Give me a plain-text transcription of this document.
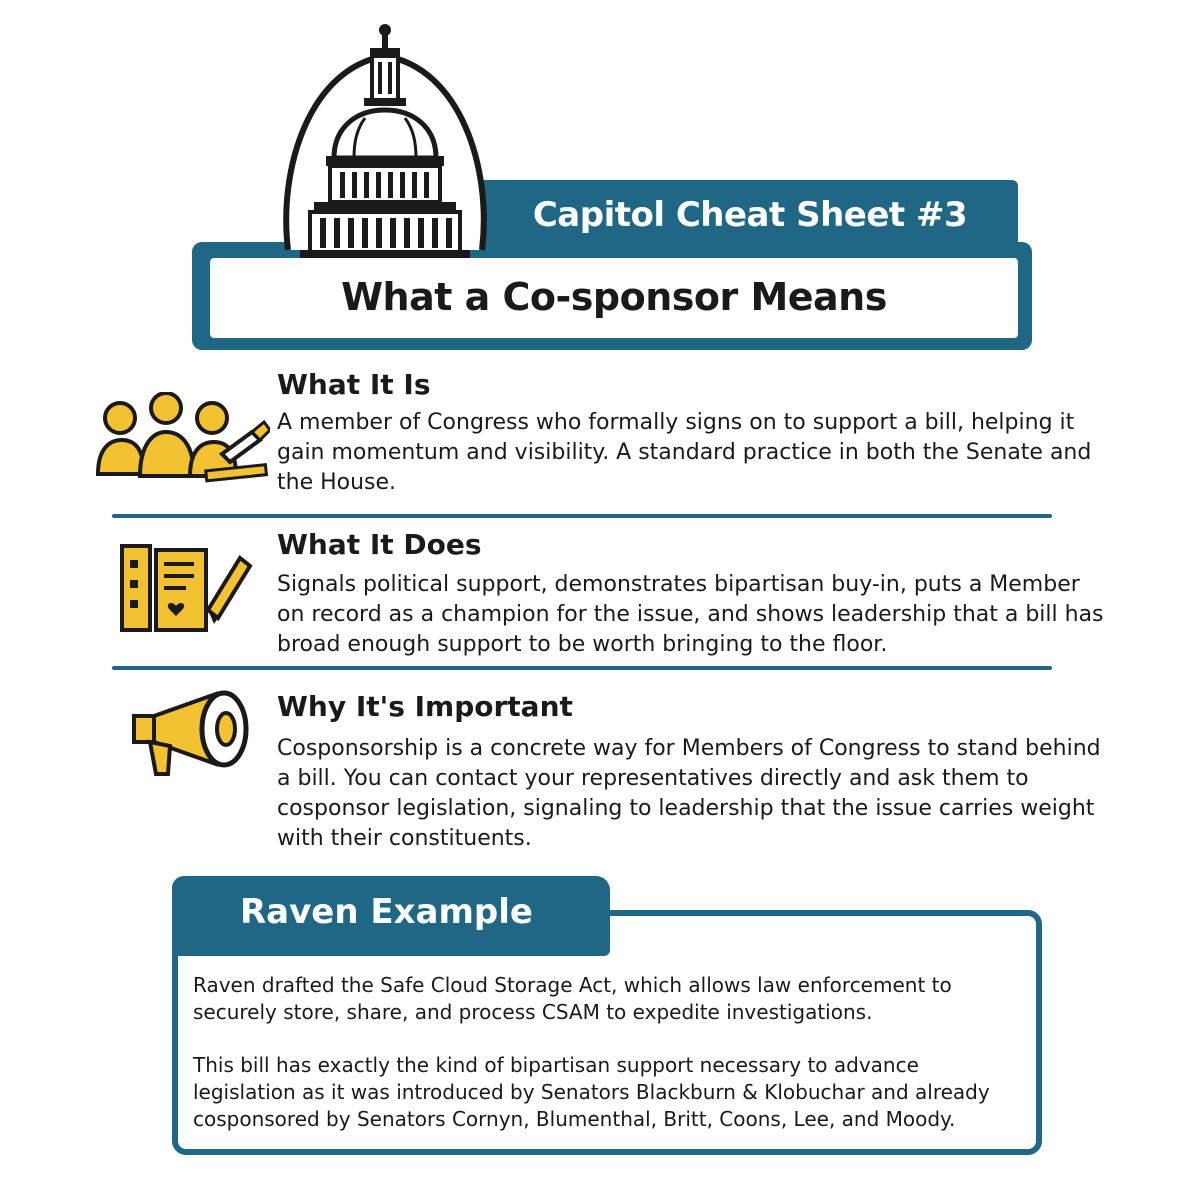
Capitol Cheat Sheet #3
What a Co-sponsor Means
What It Is
A member of Congress who formally signs on to support a bill, helping it gain momentum and visibility. A standard practice in both the Senate and the House.
What It Does
Signals political support, demonstrates bipartisan buy-in, puts a Member on record as a champion for the issue, and shows leadership that a bill has broad enough support to be worth bringing to the floor.
Why It's Important
Cosponsorship is a concrete way for Members of Congress to stand behind a bill. You can contact your representatives directly and ask them to cosponsor legislation, signaling to leadership that the issue carries weight with their constituents.
Raven Example
Raven drafted the Safe Cloud Storage Act, which allows law enforcement to securely store, share, and process CSAM to expedite investigations.
This bill has exactly the kind of bipartisan support necessary to advance legislation as it was introduced by Senators Blackburn & Klobuchar and already cosponsored by Senators Cornyn, Blumenthal, Britt, Coons, Lee, and Moody.
